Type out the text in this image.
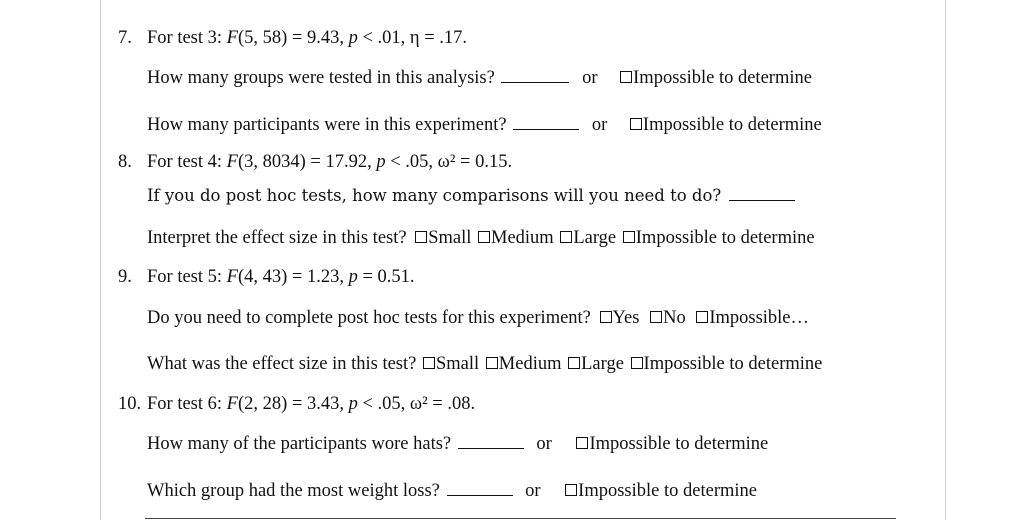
7. For test 3: F(5, 58) = 9.43, p < .01, η = .17.
How many groups were tested in this analysis?	or Impossible to determine
How many participants were in this experiment?	or Impossible to determine
8. For test 4: F(3, 8034) = 17.92, p < .05, ω² = 0.15.
If you do post hoc tests, how many comparisons will you need to do?
Interpret the effect size in this test? Small Medium Large Impossible to determine
9. For test 5: F(4, 43) = 1.23, p = 0.51.
Do you need to complete post hoc tests for this experiment? Yes No Impossible…
What was the effect size in this test? Small Medium Large Impossible to determine
10. For test 6: F(2, 28) = 3.43, p < .05, ω² = .08.
How many of the participants wore hats?	or Impossible to determine
Which group had the most weight loss?	or Impossible to determine
